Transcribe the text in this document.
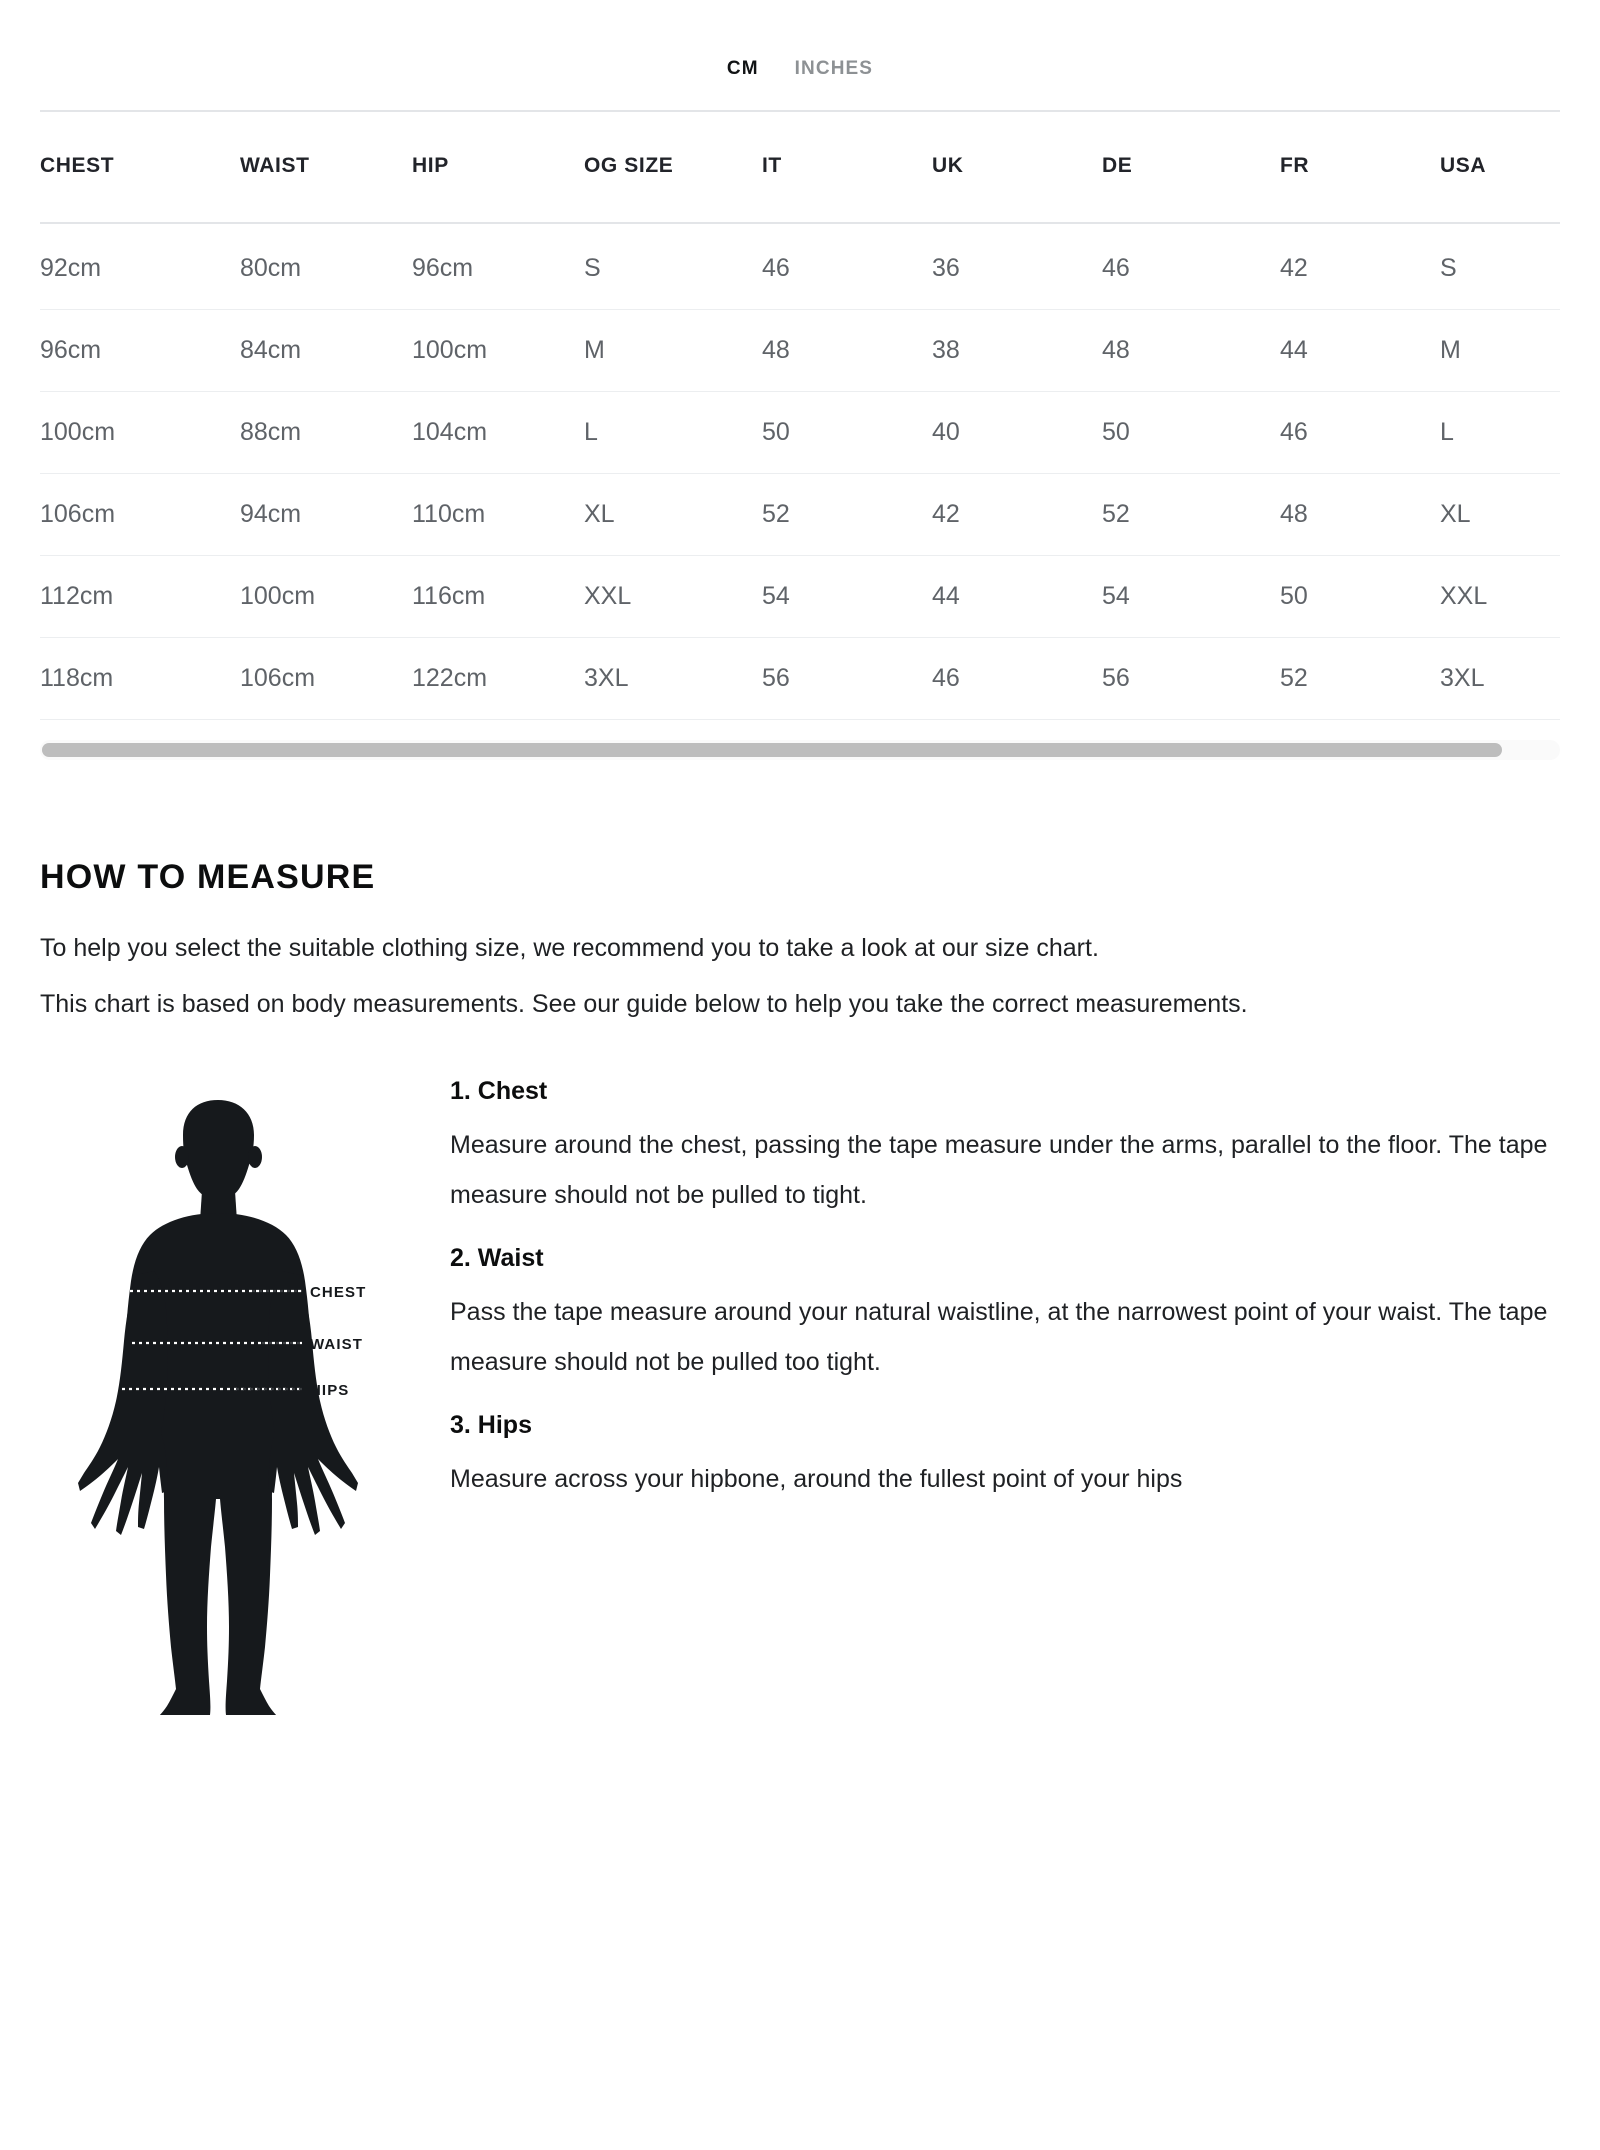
CM INCHES
CHEST	WAIST	HIP	OG SIZE	IT	UK	DE	FR	USA
92cm	80cm	96cm	S	46	36	46	42	S
96cm	84cm	100cm	M	48	38	48	44	M
100cm	88cm	104cm	L	50	40	50	46	L
106cm	94cm	110cm	XL	52	42	52	48	XL
112cm	100cm	116cm	XXL	54	44	54	50	XXL
118cm	106cm	122cm	3XL	56	46	56	52	3XL
HOW TO MEASURE

To help you select the suitable clothing size, we recommend you to take a look at our size chart.

This chart is based on body measurements. See our guide below to help you take the correct measurements.

CHEST
WAIST
HIPS
1. Chest

Measure around the chest, passing the tape measure under the arms, parallel to the floor. The tape measure should not be pulled to tight.

2. Waist

Pass the tape measure around your natural waistline, at the narrowest point of your waist. The tape measure should not be pulled too tight.

3. Hips

Measure across your hipbone, around the fullest point of your hips
